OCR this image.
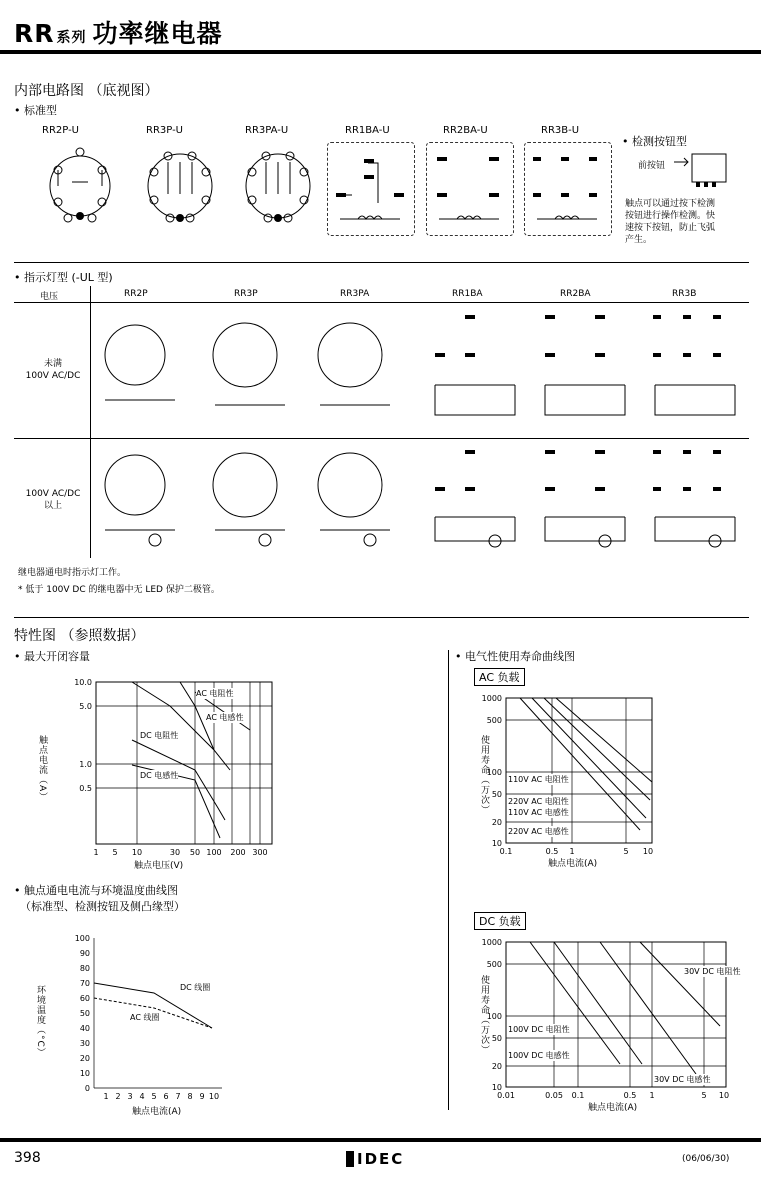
RR 系列 功率继电器
内部电路图 （底视图）
• 标准型
RR2P-U	RR3P-U	RR3PA-U	RR1BA-U	RR2BA-U	RR3B-U
• 检测按钮型
前按钮
触点可以通过按下检测
按钮进行操作检测。快
速按下按钮，防止飞弧
产生。
• 指示灯型 (-UL 型)
电压	RR2P	RR3P	RR3PA	RR1BA	RR2BA	RR3B
未满
100V AC/DC
100V AC/DC
以上
继电器通电时指示灯工作。
* 低于 100V DC 的继电器中无 LED 保护二极管。
特性图 （参照数据）
• 最大开闭容量
10.0
5.0
1.0
0.5
1 5 10	30 50 100 200 300
触点电流（A）
触点电压(V)
AC 电阻性
AC 电感性
DC 电阻性
DC 电感性
• 触点通电电流与环境温度曲线图
（标准型、检测按钮及侧凸缘型）
100
90
80
70
60
50
40
30
20
10
0
1 2 3 4 5 6 7 8 9 10
环境温度（°C）
触点电流(A)
DC 线圈
AC 线圈
• 电气性使用寿命曲线图
AC 负载
1000
500
100
50
20
10
0.1	0.5 1	5 10
使用寿命（万次）
触点电流(A)
110V AC 电阻性
220V AC 电阻性
110V AC 电感性
220V AC 电感性
DC 负载
1000
500
100
50
20
10
0.01	0.05 0.1	0.5 1	5 10
使用寿命（万次）
触点电流(A)
30V DC 电阻性
100V DC 电阻性
100V DC 电感性
30V DC 电感性
398	IDEC	(06/06/30)
